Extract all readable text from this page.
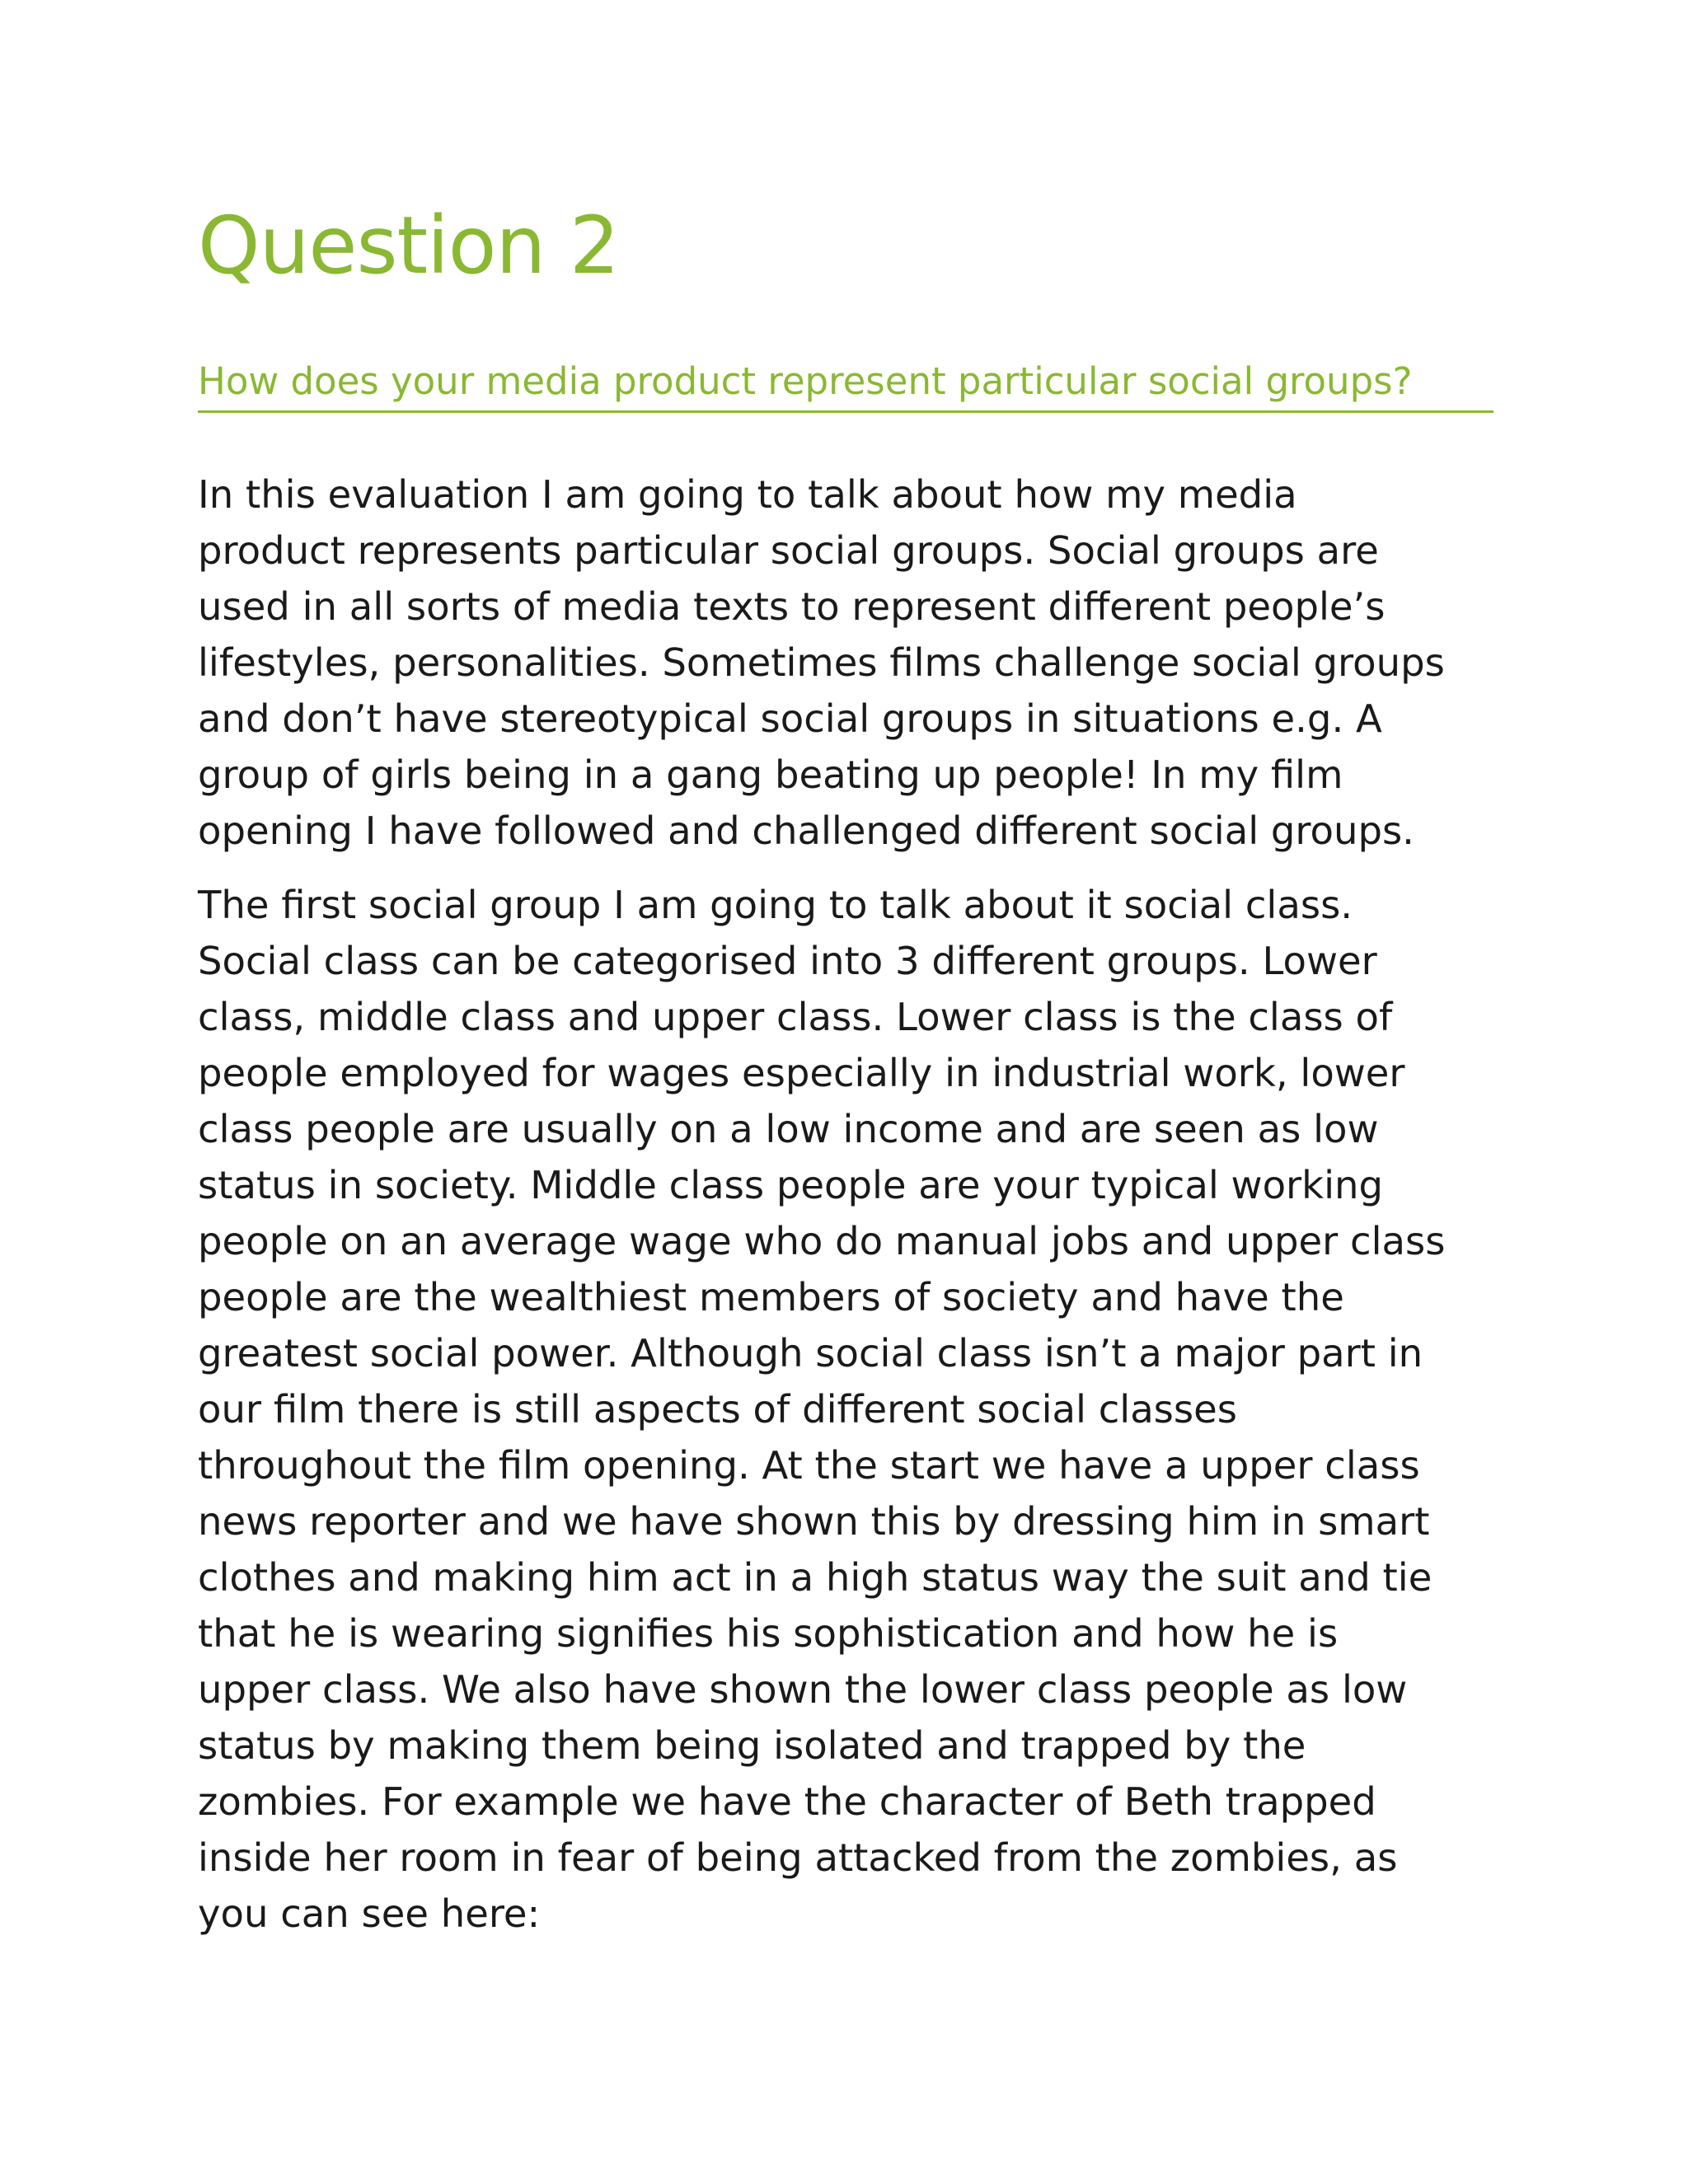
Question 2
How does your media product represent particular social groups?

In this evaluation I am going to talk about how my media
product represents particular social groups. Social groups are
used in all sorts of media texts to represent different people’s
lifestyles, personalities. Sometimes films challenge social groups
and don’t have stereotypical social groups in situations e.g. A
group of girls being in a gang beating up people! In my film
opening I have followed and challenged different social groups.

The first social group I am going to talk about it social class.
Social class can be categorised into 3 different groups. Lower
class, middle class and upper class. Lower class is the class of
people employed for wages especially in industrial work, lower
class people are usually on a low income and are seen as low
status in society. Middle class people are your typical working
people on an average wage who do manual jobs and upper class
people are the wealthiest members of society and have the
greatest social power. Although social class isn’t a major part in
our film there is still aspects of different social classes
throughout the film opening. At the start we have a upper class
news reporter and we have shown this by dressing him in smart
clothes and making him act in a high status way the suit and tie
that he is wearing signifies his sophistication and how he is
upper class. We also have shown the lower class people as low
status by making them being isolated and trapped by the
zombies. For example we have the character of Beth trapped
inside her room in fear of being attacked from the zombies, as
you can see here:
